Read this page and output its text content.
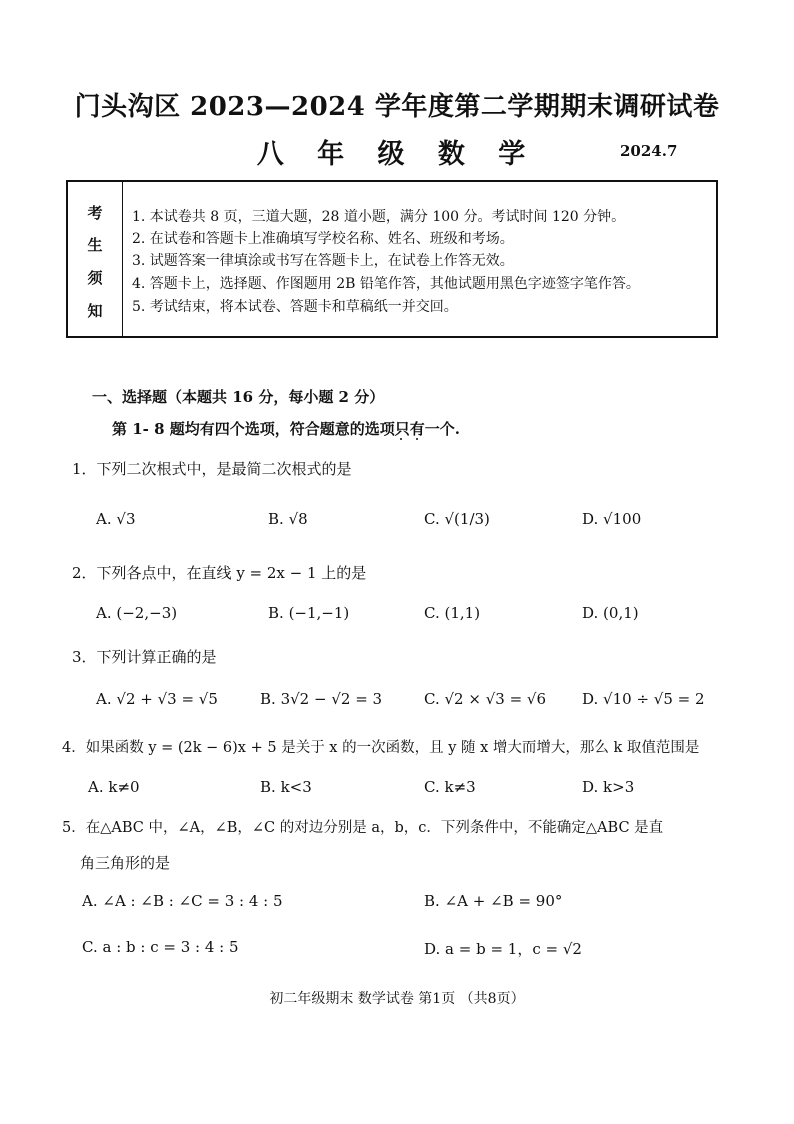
门头沟区 2023—2024 学年度第二学期期末调研试卷
八 年 级 数 学	2024.7
考
生
须
知
1. 本试卷共 8 页，三道大题，28 道小题，满分 100 分。考试时间 120 分钟。
2. 在试卷和答题卡上准确填写学校名称、姓名、班级和考场。
3. 试题答案一律填涂或书写在答题卡上，在试卷上作答无效。
4. 答题卡上，选择题、作图题用 2B 铅笔作答，其他试题用黑色字迹签字笔作答。
5. 考试结束，将本试卷、答题卡和草稿纸一并交回。
一、选择题（本题共 16 分，每小题 2 分）
第 1- 8 题均有四个选项，符合题意的选项只有一个.
1．下列二次根式中，是最简二次根式的是
A. √3	B. √8	C. √(1/3)	D. √100
2．下列各点中，在直线 y = 2x − 1 上的是
A. (−2,−3)	B. (−1,−1)	C. (1,1)	D. (0,1)
3．下列计算正确的是
A. √2 + √3 = √5	B. 3√2 − √2 = 3	C. √2 × √3 = √6 D. √10 ÷ √5 = 2
4．如果函数 y = (2k − 6)x + 5 是关于 x 的一次函数，且 y 随 x 增大而增大，那么 k 取值范围是
A. k≠0	B. k<3	C. k≠3	D. k>3
5．在△ABC 中，∠A，∠B，∠C 的对边分别是 a，b，c．下列条件中，不能确定△ABC 是直
角三角形的是
A. ∠A : ∠B : ∠C = 3 : 4 : 5	B. ∠A + ∠B = 90°
C. a : b : c = 3 : 4 : 5	D. a = b = 1，c = √2
初二年级期末 数学试卷 第1页 （共8页）
